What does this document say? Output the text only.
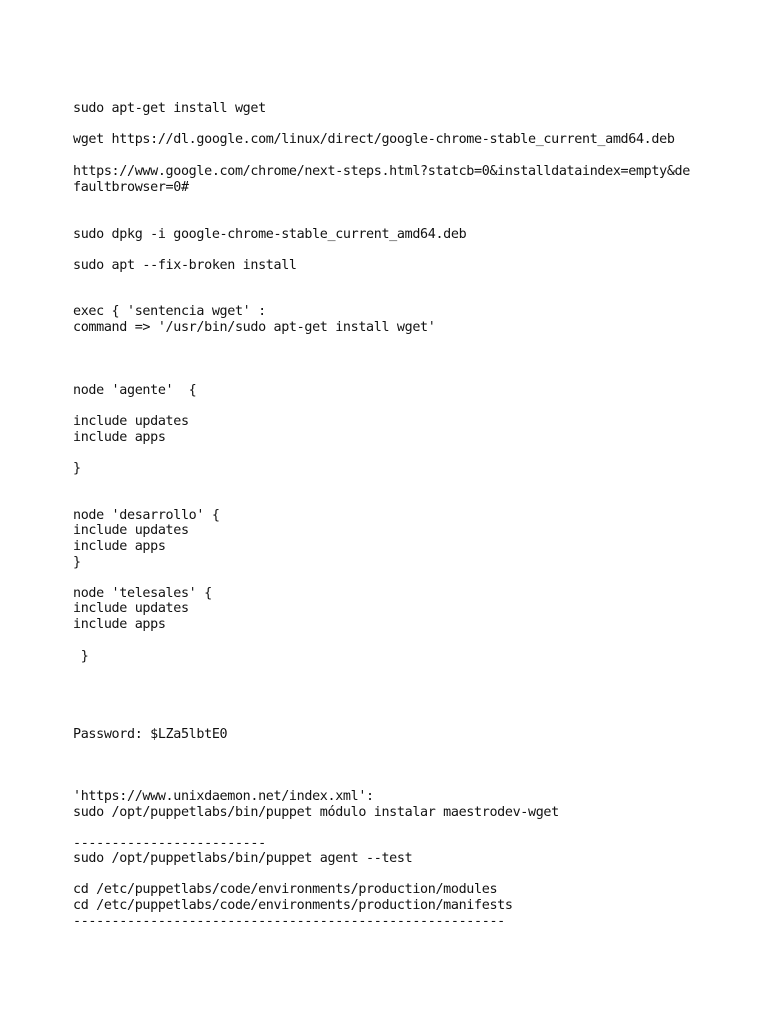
sudo apt-get install wget

wget https://dl.google.com/linux/direct/google-chrome-stable_current_amd64.deb

https://www.google.com/chrome/next-steps.html?statcb=0&installdataindex=empty&de

faultbrowser=0#

sudo dpkg -i google-chrome-stable_current_amd64.deb

sudo apt --fix-broken install

exec { 'sentencia wget' :

command => '/usr/bin/sudo apt-get install wget'

node 'agente'  {

include updates

include apps

}

node 'desarrollo' {

include updates

include apps

}

node 'telesales' {

include updates

include apps

}

Password: $LZa5lbtE0

'https://www.unixdaemon.net/index.xml':

sudo /opt/puppetlabs/bin/puppet módulo instalar maestrodev-wget

-------------------------

sudo /opt/puppetlabs/bin/puppet agent --test

cd /etc/puppetlabs/code/environments/production/modules

cd /etc/puppetlabs/code/environments/production/manifests

--------------------------------------------------------
